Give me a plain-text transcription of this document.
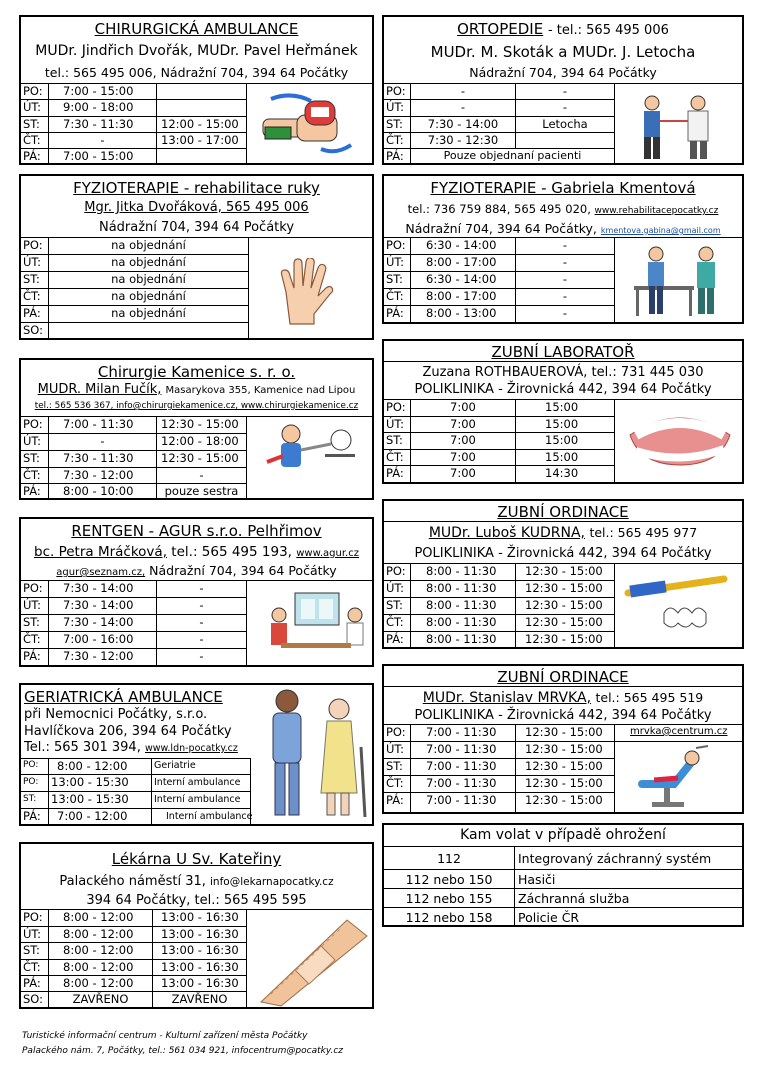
CHIRURGICKÁ AMBULANCE
MUDr. Jindřich Dvořák, MUDr. Pavel Heřmánek
tel.: 565 495 006, Nádražní 704, 394 64 Počátky
PO: 7:00 - 15:00
ÚT: 9:00 - 18:00
ST: 7:30 - 11:30 12:00 - 15:00
ČT:	-	13:00 - 17:00
PÁ: 7:00 - 15:00
ORTOPEDIE - tel.: 565 495 006
MUDr. M. Skoták a MUDr. J. Letocha
Nádražní 704, 394 64 Počátky
PO:	-	-
ÚT:	-	-
ST:	7:30 - 14:00	Letocha
ČT:	7:30 - 12:30
PÁ:	Pouze objednaní pacienti
FYZIOTERAPIE - rehabilitace ruky
Mgr. Jitka Dvořáková, 565 495 006
Nádražní 704, 394 64 Počátky
PO:	na objednání
ÚT:	na objednání
ST:	na objednání
ČT:	na objednání
PÁ:	na objednání
SO:
FYZIOTERAPIE - Gabriela Kmentová
tel.: 736 759 884, 565 495 020, www.rehabilitacepocatky.cz
Nádražní 704, 394 64 Počátky, kmentova.gabina@gmail.com
PO: 6:30 - 14:00	-
ÚT: 8:00 - 17:00	-
ST: 6:30 - 14:00	-
ČT: 8:00 - 17:00	-
PÁ: 8:00 - 13:00	-
Chirurgie Kamenice s. r. o.
MUDR. Milan Fučík, Masarykova 355, Kamenice nad Lipou
tel.: 565 536 367, info@chirurgiekamenice.cz, www.chirurgiekamenice.cz
PO: 7:00 - 11:30 12:30 - 15:00
ÚT:	-	12:00 - 18:00
ST: 7:30 - 11:30 12:30 - 15:00
ČT: 7:30 - 12:00	-
PÁ: 8:00 - 10:00	pouze sestra
ZUBNÍ LABORATOŘ
Zuzana ROTHBAUEROVÁ, tel.: 731 445 030
POLIKLINIKA - Žirovnická 442, 394 64 Počátky
PO:	7:00	15:00
ÚT:	7:00	15:00
ST:	7:00	15:00
ČT:	7:00	15:00
PÁ:	7:00	14:30
RENTGEN - AGUR s.r.o. Pelhřimov
bc. Petra Mráčková, tel.: 565 495 193, www.agur.cz
agur@seznam.cz, Nádražní 704, 394 64 Počátky
PO: 7:30 - 14:00	-
ÚT: 7:30 - 14:00	-
ST: 7:30 - 14:00	-
ČT: 7:00 - 16:00	-
PÁ: 7:30 - 12:00	-
ZUBNÍ ORDINACE
MUDr. Luboš KUDRNA, tel.: 565 495 977
POLIKLINIKA - Žirovnická 442, 394 64 Počátky
PO: 8:00 - 11:30 12:30 - 15:00
ÚT: 8:00 - 11:30 12:30 - 15:00
ST: 8:00 - 11:30 12:30 - 15:00
ČT: 8:00 - 11:30 12:30 - 15:00
PÁ: 8:00 - 11:30 12:30 - 15:00
GERIATRICKÁ AMBULANCE
při Nemocnici Počátky, s.r.o.
Havlíčkova 206, 394 64 Počátky
Tel.: 565 301 394, www.ldn-pocatky.cz
PO: 8:00 - 12:00	Geriatrie
PO: 13:00 - 15:30	Interní ambulance
ST: 13:00 - 15:30	Interní ambulance
PÁ: 7:00 - 12:00	Interní ambulance
ZUBNÍ ORDINACE
MUDr. Stanislav MRVKA, tel.: 565 495 519
POLIKLINIKA - Žirovnická 442, 394 64 Počátky
PO: 7:00 - 11:30 12:30 - 15:00	mrvka@centrum.cz
ÚT: 7:00 - 11:30 12:30 - 15:00
ST: 7:00 - 11:30 12:30 - 15:00
ČT: 7:00 - 11:30 12:30 - 15:00
PÁ: 7:00 - 11:30 12:30 - 15:00
Kam volat v případě ohrožení
112	Integrovaný záchranný systém
112 nebo 150	Hasiči
112 nebo 155	Záchranná služba
112 nebo 158	Policie ČR
Lékárna U Sv. Kateřiny
Palackého náměstí 31, info@lekarnapocatky.cz
394 64 Počátky, tel.: 565 495 595
PO: 8:00 - 12:00 13:00 - 16:30
ÚT: 8:00 - 12:00 13:00 - 16:30
ST: 8:00 - 12:00 13:00 - 16:30
ČT: 8:00 - 12:00 13:00 - 16:30
PÁ: 8:00 - 12:00 13:00 - 16:30
SO:	ZAVŘENO	ZAVŘENO
Turistické informační centrum - Kulturní zařízení města Počátky
Palackého nám. 7, Počátky, tel.: 561 034 921, infocentrum@pocatky.cz
